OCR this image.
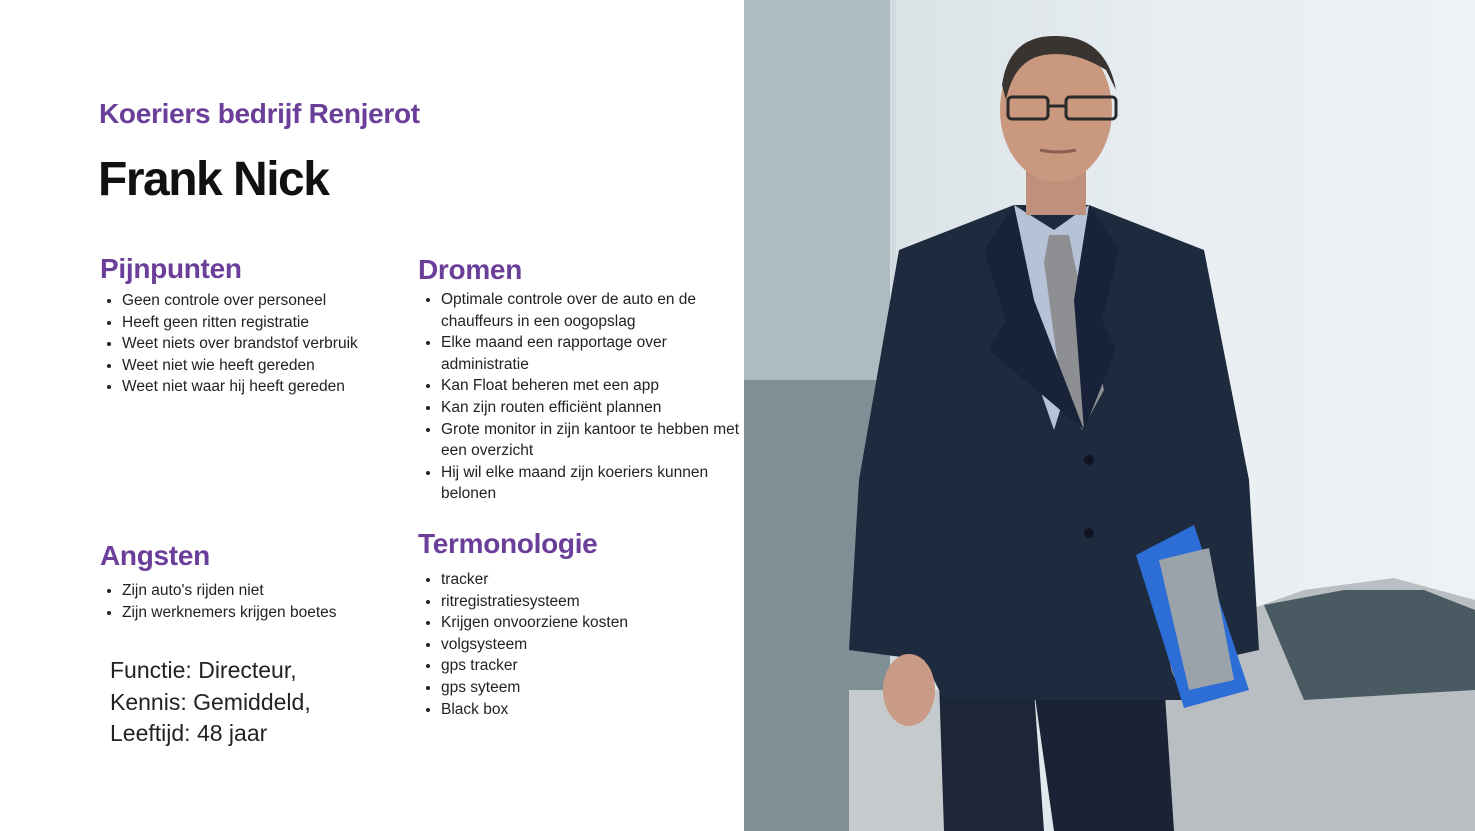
Koeriers bedrijf Renjerot
Frank Nick
Pijnpunten
• Geen controle over personeel
• Heeft geen ritten registratie
• Weet niets over brandstof verbruik
• Weet niet wie heeft gereden
• Weet niet waar hij heeft gereden
Dromen
• Optimale controle over de auto en de chauffeurs in een oogopslag
• Elke maand een rapportage over administratie
• Kan Float beheren met een app
• Kan zijn routen efficiënt plannen
• Grote monitor in zijn kantoor te hebben met een overzicht
• Hij wil elke maand zijn koeriers kunnen belonen
Angsten
• Zijn auto's rijden niet
• Zijn werknemers krijgen boetes
Termonologie
• tracker
• ritregistratiesysteem
• Krijgen onvoorziene kosten
• volgsysteem
• gps tracker
• gps syteem
• Black box
Functie: Directeur,
Kennis: Gemiddeld,
Leeftijd: 48 jaar
